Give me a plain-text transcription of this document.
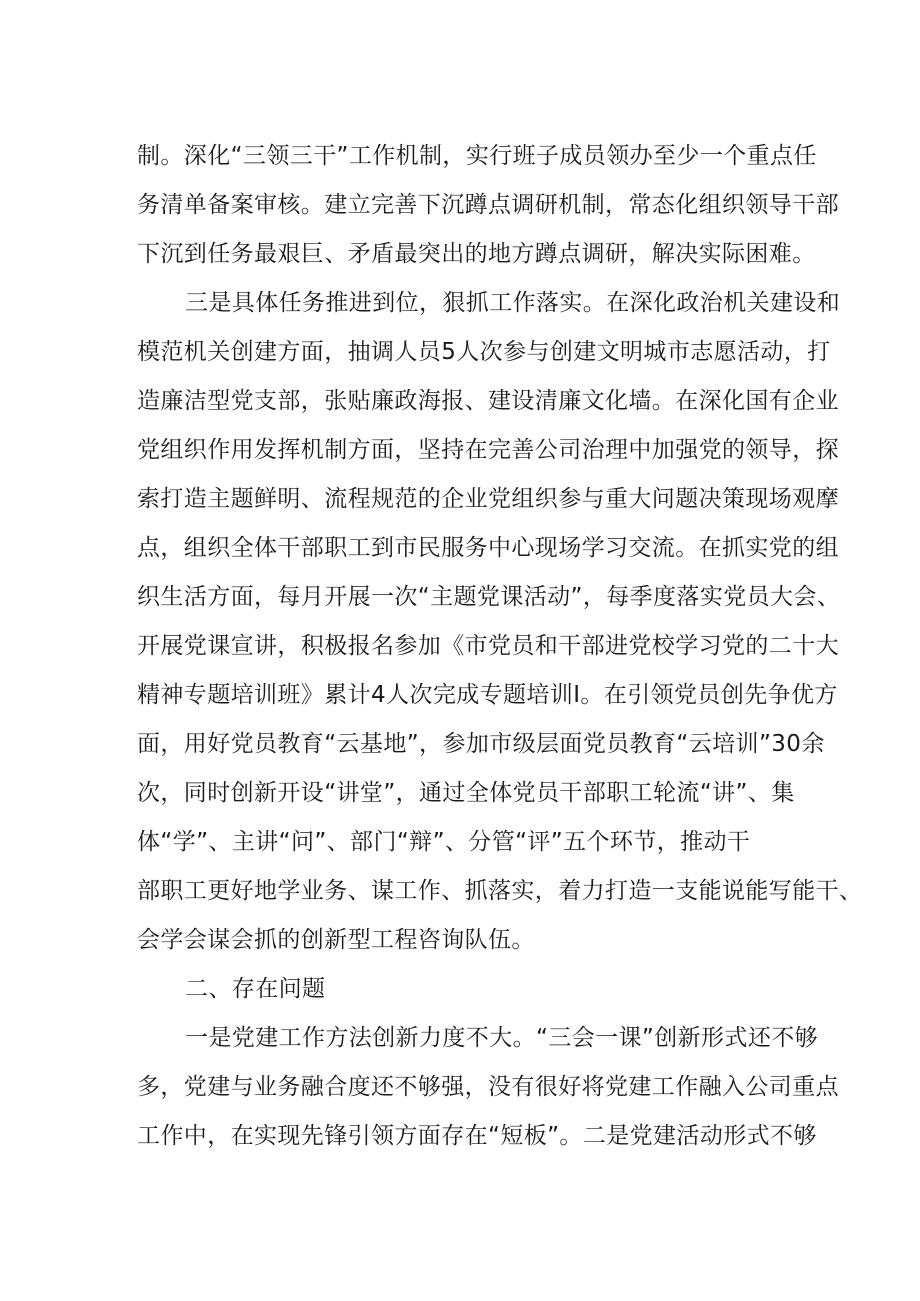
制。深化“三领三干”工作机制，实行班子成员领办至少一个重点任
务清单备案审核。建立完善下沉蹲点调研机制，常态化组织领导干部
下沉到任务最艰巨、矛盾最突出的地方蹲点调研，解决实际困难。
三是具体任务推进到位，狠抓工作落实。在深化政治机关建设和
模范机关创建方面，抽调人员5人次参与创建文明城市志愿活动，打
造廉洁型党支部，张贴廉政海报、建设清廉文化墙。在深化国有企业
党组织作用发挥机制方面，坚持在完善公司治理中加强党的领导，探
索打造主题鲜明、流程规范的企业党组织参与重大问题决策现场观摩
点，组织全体干部职工到市民服务中心现场学习交流。在抓实党的组
织生活方面，每月开展一次“主题党课活动”，每季度落实党员大会、
开展党课宣讲，积极报名参加《市党员和干部进党校学习党的二十大
精神专题培训班》累计4人次完成专题培训I。在引领党员创先争优方
面，用好党员教育“云基地”，参加市级层面党员教育“云培训”30余
次，同时创新开设“讲堂”，通过全体党员干部职工轮流“讲”、集
体“学”、主讲“问”、部门“辩”、分管“评”五个环节，推动干
部职工更好地学业务、谋工作、抓落实，着力打造一支能说能写能干、
会学会谋会抓的创新型工程咨询队伍。
二、存在问题
一是党建工作方法创新力度不大。“三会一课”创新形式还不够
多，党建与业务融合度还不够强，没有很好将党建工作融入公司重点
工作中，在实现先锋引领方面存在“短板”。二是党建活动形式不够
